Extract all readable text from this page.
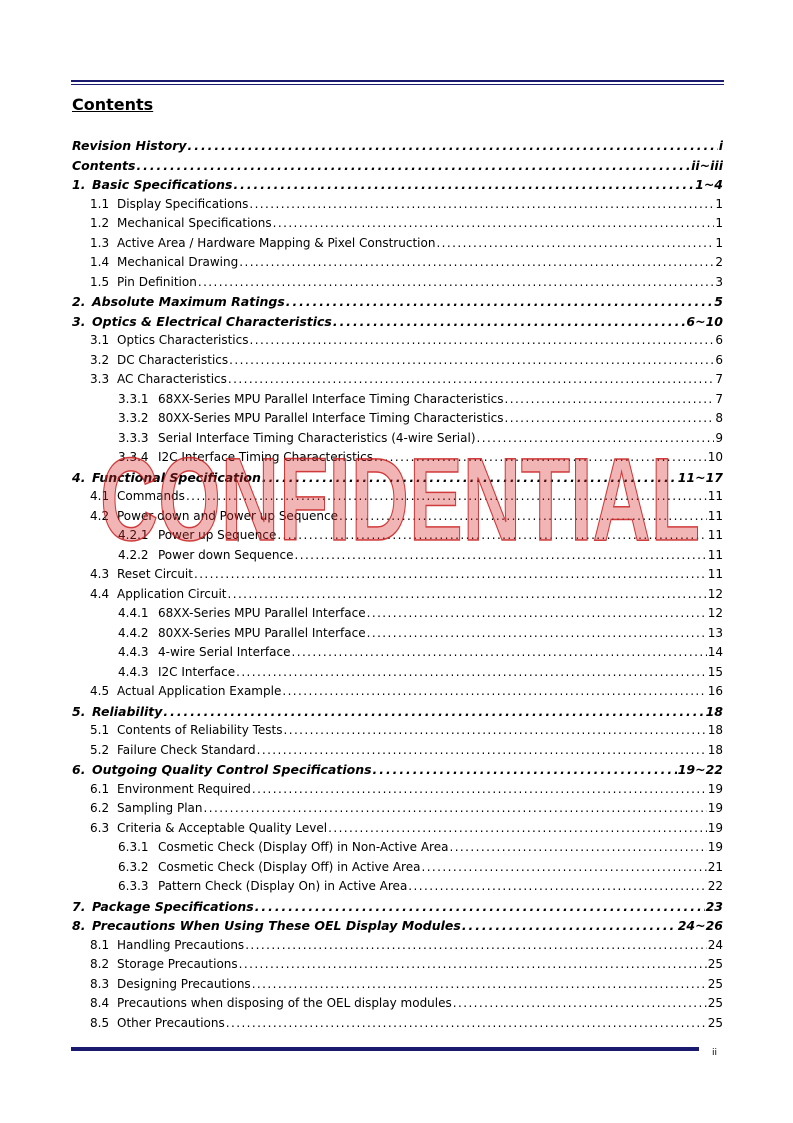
Contents
Revision History . . .	i
Contents . . .	ii~iii
1. Basic Specifications . . .	1~4
1.1 Display Specifications . . .	1
1.2 Mechanical Specifications . . .	1
1.3 Active Area / Hardware Mapping & Pixel Construction . . .	1
1.4 Mechanical Drawing . . .	2
1.5 Pin Definition . . .	3
2. Absolute Maximum Ratings . . .	5
3. Optics & Electrical Characteristics . . .	6~10
3.1 Optics Characteristics . . .	6
3.2 DC Characteristics . . .	6
3.3 AC Characteristics . . .	7
3.3.1 68XX-Series MPU Parallel Interface Timing Characteristics . . .	7
3.3.2 80XX-Series MPU Parallel Interface Timing Characteristics . . .	8
3.3.3 Serial Interface Timing Characteristics (4-wire Serial) . . .	9
3.3.4 I2C Interface Timing Characteristics . . .	10
4. Functional Specification . . .	11~17
4.1 Commands . . .	11
4.2 Power down and Power up Sequence . . .	11
4.2.1 Power up Sequence . . .	11
4.2.2 Power down Sequence . . .	11
4.3 Reset Circuit . . .	11
4.4 Application Circuit . . .	12
4.4.1 68XX-Series MPU Parallel Interface . . .	12
4.4.2 80XX-Series MPU Parallel Interface . . .	13
4.4.3 4-wire Serial Interface . . .	14
4.4.3 I2C Interface . . .	15
4.5 Actual Application Example . . .	16
5. Reliability . . .	18
5.1 Contents of Reliability Tests . . .	18
5.2 Failure Check Standard . . .	18
6. Outgoing Quality Control Specifications . . .	19~22
6.1 Environment Required . . .	19
6.2 Sampling Plan . . .	19
6.3 Criteria & Acceptable Quality Level . . .	19
6.3.1 Cosmetic Check (Display Off) in Non-Active Area . . .	19
6.3.2 Cosmetic Check (Display Off) in Active Area . . .	21
6.3.3 Pattern Check (Display On) in Active Area . . .	22
7. Package Specifications . . .	23
8. Precautions When Using These OEL Display Modules . . .	24~26
8.1 Handling Precautions . . .	24
8.2 Storage Precautions . . .	25
8.3 Designing Precautions . . .	25
8.4 Precautions when disposing of the OEL display modules . . .	25
8.5 Other Precautions . . .	25
CONFIDENTIAL
ii
